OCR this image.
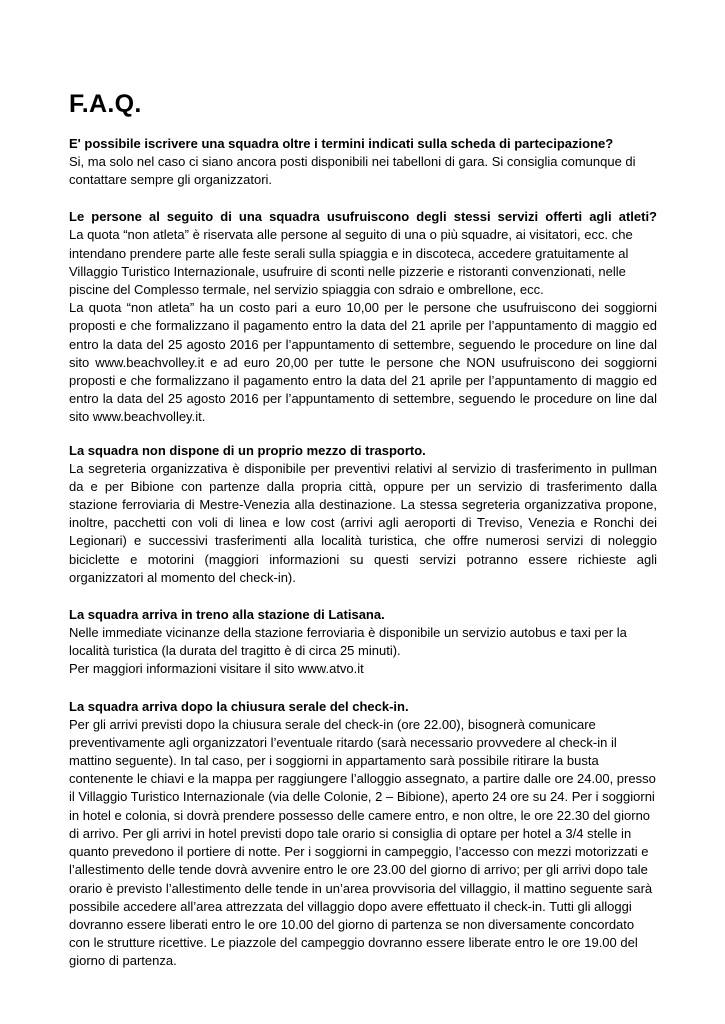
F.A.Q.
E' possibile iscrivere una squadra oltre i termini indicati sulla scheda di partecipazione?

Si, ma solo nel caso ci siano ancora posti disponibili nei tabelloni di gara. Si consiglia comunque di contattare sempre gli organizzatori.

Le persone al seguito di una squadra usufruiscono degli stessi servizi offerti agli atleti?

La quota “non atleta” è riservata alle persone al seguito di una o più squadre, ai visitatori, ecc. che intendano prendere parte alle feste serali sulla spiaggia e in discoteca, accedere gratuitamente al Villaggio Turistico Internazionale, usufruire di sconti nelle pizzerie e ristoranti convenzionati, nelle piscine del Complesso termale, nel servizio spiaggia con sdraio e ombrellone, ecc.

La quota “non atleta” ha un costo pari a euro 10,00 per le persone che usufruiscono dei soggiorni proposti e che formalizzano il pagamento entro la data del 21 aprile per l’appuntamento di maggio ed entro la data del 25 agosto 2016 per l’appuntamento di settembre, seguendo le procedure on line dal sito www.beachvolley.it e ad euro 20,00 per tutte le persone che NON usufruiscono dei soggiorni proposti e che formalizzano il pagamento entro la data del 21 aprile per l’appuntamento di maggio ed entro la data del 25 agosto 2016 per l’appuntamento di settembre, seguendo le procedure on line dal sito www.beachvolley.it.

La squadra non dispone di un proprio mezzo di trasporto.

La segreteria organizzativa è disponibile per preventivi relativi al servizio di trasferimento in pullman da e per Bibione con partenze dalla propria città, oppure per un servizio di trasferimento dalla stazione ferroviaria di Mestre-Venezia alla destinazione. La stessa segreteria organizzativa propone, inoltre, pacchetti con voli di linea e low cost (arrivi agli aeroporti di Treviso, Venezia e Ronchi dei Legionari) e successivi trasferimenti alla località turistica, che offre numerosi servizi di noleggio biciclette e motorini (maggiori informazioni su questi servizi potranno essere richieste agli organizzatori al momento del check-in).

La squadra arriva in treno alla stazione di Latisana.

Nelle immediate vicinanze della stazione ferroviaria è disponibile un servizio autobus e taxi per la località turistica (la durata del tragitto è di circa 25 minuti).

Per maggiori informazioni visitare il sito www.atvo.it

La squadra arriva dopo la chiusura serale del check-in.

Per gli arrivi previsti dopo la chiusura serale del check-in (ore 22.00), bisognerà comunicare preventivamente agli organizzatori l’eventuale ritardo (sarà necessario provvedere al check-in il mattino seguente). In tal caso, per i soggiorni in appartamento sarà possibile ritirare la busta contenente le chiavi e la mappa per raggiungere l’alloggio assegnato, a partire dalle ore 24.00, presso il Villaggio Turistico Internazionale (via delle Colonie, 2 – Bibione), aperto 24 ore su 24. Per i soggiorni in hotel e colonia, si dovrà prendere possesso delle camere entro, e non oltre, le ore 22.30 del giorno di arrivo. Per gli arrivi in hotel previsti dopo tale orario si consiglia di optare per hotel a 3/4 stelle in quanto prevedono il portiere di notte. Per i soggiorni in campeggio, l’accesso con mezzi motorizzati e l’allestimento delle tende dovrà avvenire entro le ore 23.00 del giorno di arrivo; per gli arrivi dopo tale orario è previsto l’allestimento delle tende in un’area provvisoria del villaggio, il mattino seguente sarà possibile accedere all’area attrezzata del villaggio dopo avere effettuato il check-in. Tutti gli alloggi dovranno essere liberati entro le ore 10.00 del giorno di partenza se non diversamente concordato con le strutture ricettive. Le piazzole del campeggio dovranno essere liberate entro le ore 19.00 del giorno di partenza.
